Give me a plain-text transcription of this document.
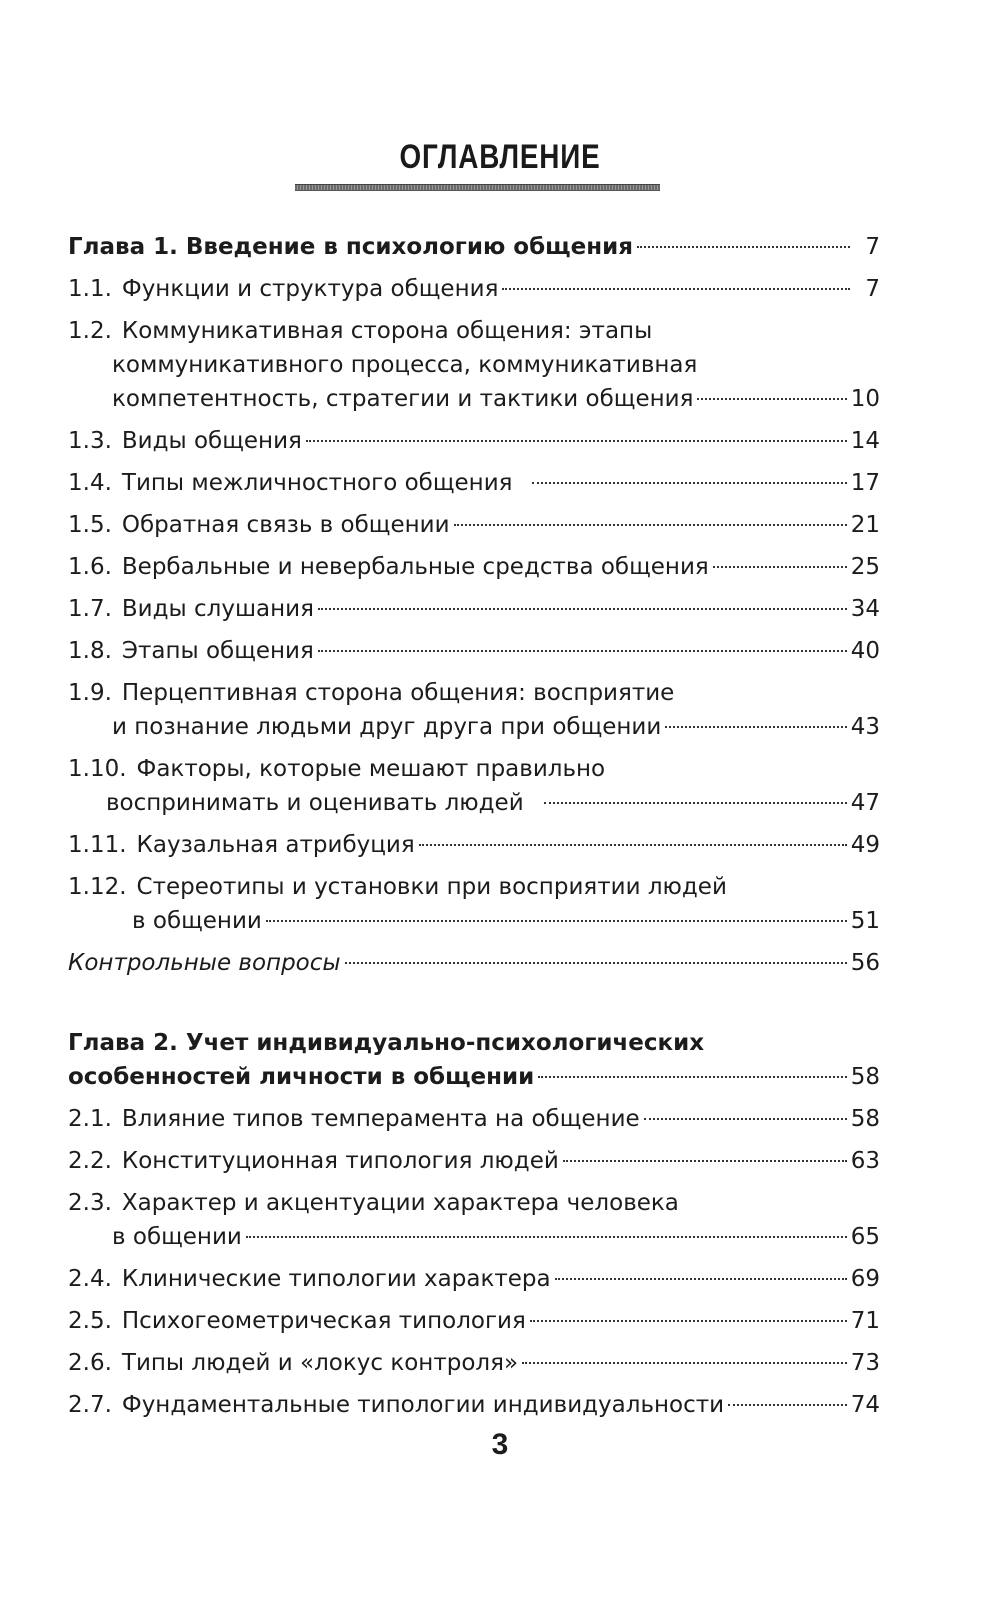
ОГЛАВЛЕНИЕ
Глава 1. Введение в психологию общения	7
1.1. Функции и структура общения	7
1.2. Коммуникативная сторона общения: этапы
коммуникативного процесса, коммуникативная
компетентность, стратегии и тактики общения	10
1.3. Виды общения	14
1.4. Типы межличностного общения	17
1.5. Обратная связь в общении	21
1.6. Вербальные и невербальные средства общения	25
1.7. Виды слушания	34
1.8. Этапы общения	40
1.9. Перцептивная сторона общения: восприятие
и познание людьми друг друга при общении	43
1.10. Факторы, которые мешают правильно
воспринимать и оценивать людей	47
1.11. Каузальная атрибуция	49
1.12. Стереотипы и установки при восприятии людей
в общении	51
Контрольные вопросы	56
Глава 2. Учет индивидуально-психологических
особенностей личности в общении	58
2.1. Влияние типов темперамента на общение	58
2.2. Конституционная типология людей	63
2.3. Характер и акцентуации характера человека
в общении	65
2.4. Клинические типологии характера	69
2.5. Психогеометрическая типология	71
2.6. Типы людей и «локус контроля»	73
2.7. Фундаментальные типологии индивидуальности	74
3
